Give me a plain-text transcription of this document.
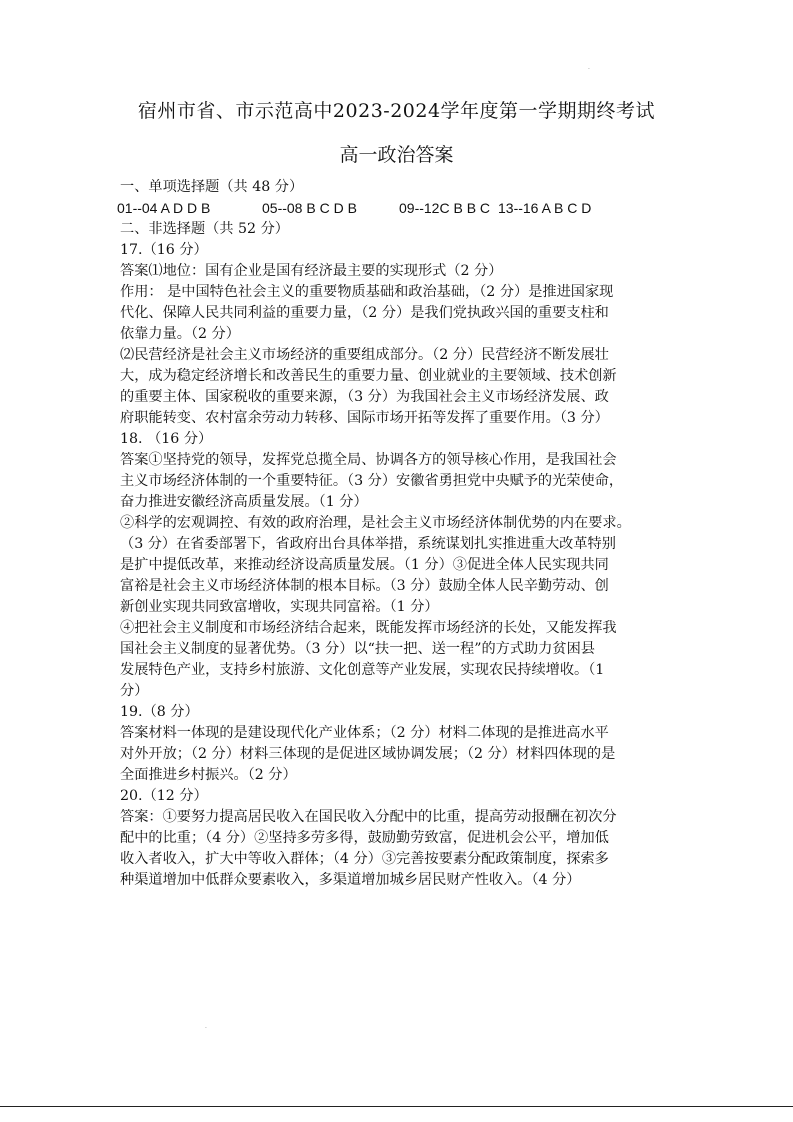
·
宿州市省、市示范高中2023-2024学年度第一学期期终考试
高一政治答案
一、单项选择题（共 48 分）
01--04 A D D B	05--08 B C D B	09--12C B B C 13--16 A B C D
二、非选择题（共 52 分）
17.（16 分）
答案⑴地位：国有企业是国有经济最主要的实现形式（2 分）
作用： 是中国特色社会主义的重要物质基础和政治基础，（2 分）是推进国家现
代化、保障人民共同利益的重要力量，（2 分）是我们党执政兴国的重要支柱和
依靠力量。（2 分）
⑵民营经济是社会主义市场经济的重要组成部分。（2 分）民营经济不断发展壮
大，成为稳定经济增长和改善民生的重要力量、创业就业的主要领域、技术创新
的重要主体、国家税收的重要来源，（3 分）为我国社会主义市场经济发展、政
府职能转变、农村富余劳动力转移、国际市场开拓等发挥了重要作用。（3 分）
18. （16 分）
答案①坚持党的领导，发挥党总揽全局、协调各方的领导核心作用，是我国社会
主义市场经济体制的一个重要特征。（3 分）安徽省勇担党中央赋予的光荣使命，
奋力推进安徽经济高质量发展。（1 分）
②科学的宏观调控、有效的政府治理，是社会主义市场经济体制优势的内在要求。
（3 分）在省委部署下，省政府出台具体举措，系统谋划扎实推进重大改革特别
是扩中提低改革，来推动经济设高质量发展。（1 分）③促进全体人民实现共同
富裕是社会主义市场经济体制的根本目标。（3 分）鼓励全体人民辛勤劳动、创
新创业实现共同致富增收，实现共同富裕。（1 分）
④把社会主义制度和市场经济结合起来，既能发挥市场经济的长处，又能发挥我
国社会主义制度的显著优势。（3 分）以“扶一把、送一程”的方式助力贫困县
发展特色产业，支持乡村旅游、文化创意等产业发展，实现农民持续增收。（1
分）
19.（8 分）
答案材料一体现的是建设现代化产业体系；（2 分）材料二体现的是推进高水平
对外开放；（2 分）材料三体现的是促进区域协调发展；（2 分）材料四体现的是
全面推进乡村振兴。（2 分）
20.（12 分）
答案：①要努力提高居民收入在国民收入分配中的比重，提高劳动报酬在初次分
配中的比重；（4 分）②坚持多劳多得，鼓励勤劳致富，促进机会公平，增加低
收入者收入，扩大中等收入群体；（4 分）③完善按要素分配政策制度，探索多
种渠道增加中低群众要素收入，多渠道增加城乡居民财产性收入。（4 分）
·
